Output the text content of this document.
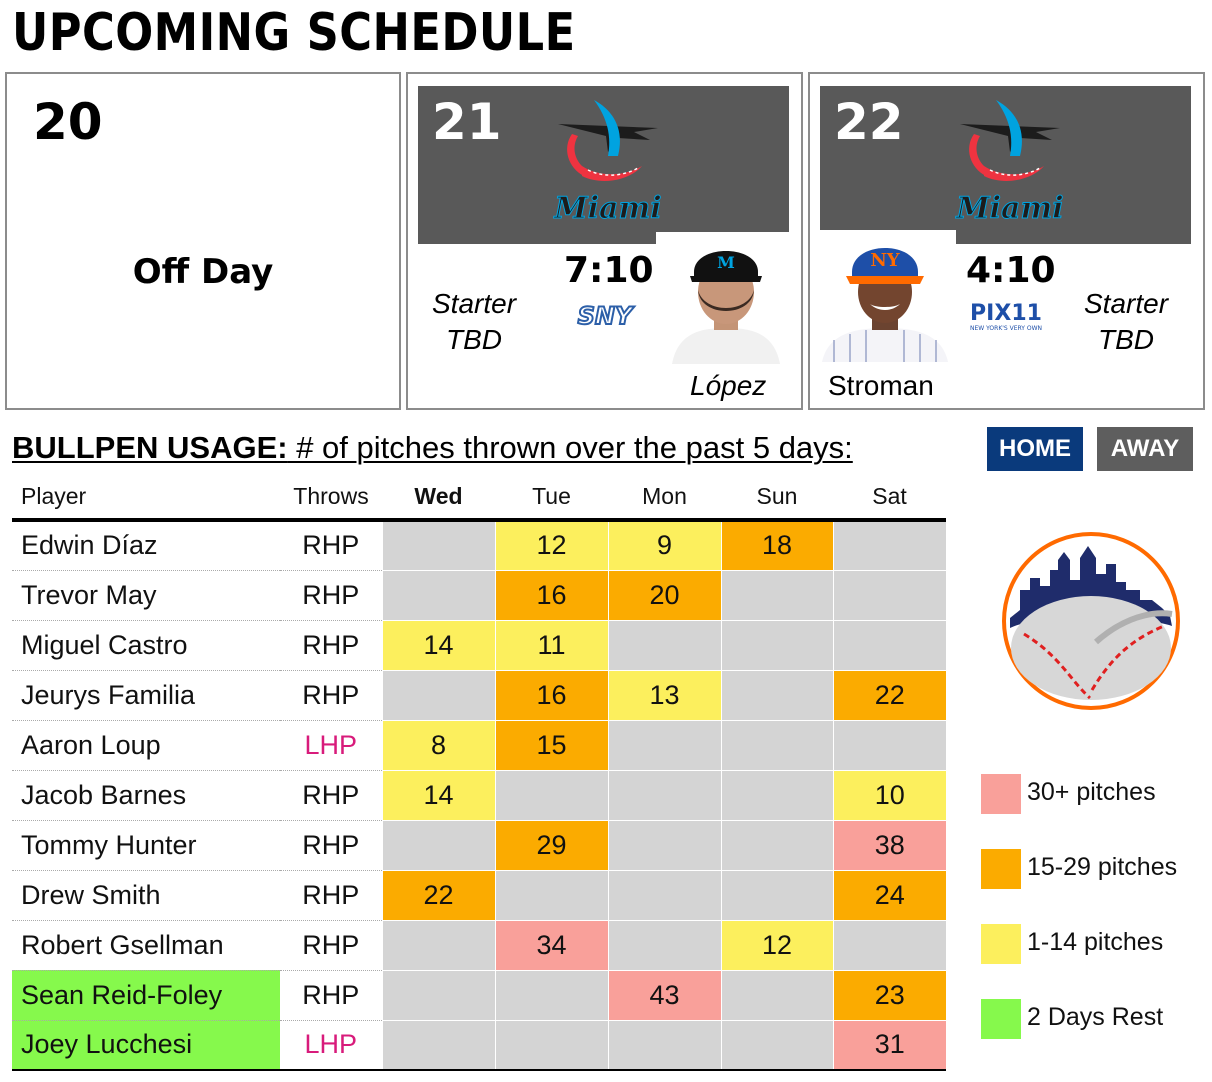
UPCOMING SCHEDULE
20
Off Day
21
Miami
Starter
TBD
7:10
SNY
M
López
22
Miami
NY 4:10
PIX11
NEW YORK'S VERY OWN
Starter
TBD
Stroman
BULLPEN USAGE: # of pitches thrown over the past 5 days:	HOME	AWAY
Player	Throws	Wed	Tue	Mon	Sun	Sat
Edwin Díaz	RHP		12	9	18	
Trevor May	RHP		16	20		
Miguel Castro	RHP	14	11			
Jeurys Familia	RHP		16	13		22
Aaron Loup	LHP	8	15			
Jacob Barnes	RHP	14				10
Tommy Hunter	RHP		29			38
Drew Smith	RHP	22				24
Robert Gsellman	RHP		34		12	
Sean Reid-Foley	RHP			43		23
Joey Lucchesi	LHP					31
30+ pitches
15-29 pitches
1-14 pitches
2 Days Rest
